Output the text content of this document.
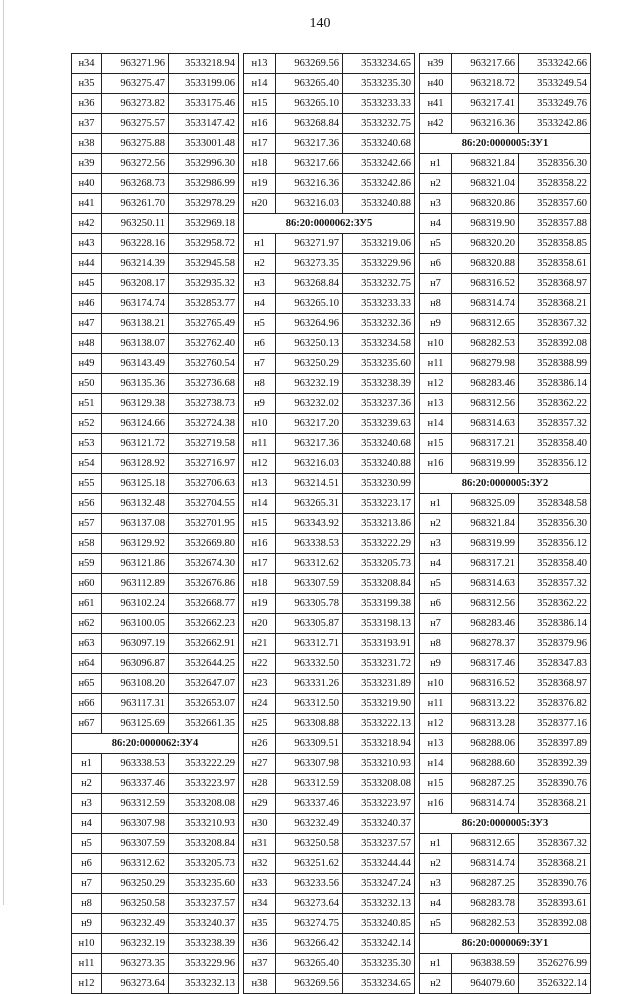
140
н34	963271.96	3533218.94
н35	963275.47	3533199.06
н36	963273.82	3533175.46
н37	963275.57	3533147.42
н38	963275.88	3533001.48
н39	963272.56	3532996.30
н40	963268.73	3532986.99
н41	963261.70	3532978.29
н42	963250.11	3532969.18
н43	963228.16	3532958.72
н44	963214.39	3532945.58
н45	963208.17	3532935.32
н46	963174.74	3532853.77
н47	963138.21	3532765.49
н48	963138.07	3532762.40
н49	963143.49	3532760.54
н50	963135.36	3532736.68
н51	963129.38	3532738.73
н52	963124.66	3532724.38
н53	963121.72	3532719.58
н54	963128.92	3532716.97
н55	963125.18	3532706.63
н56	963132.48	3532704.55
н57	963137.08	3532701.95
н58	963129.92	3532669.80
н59	963121.86	3532674.30
н60	963112.89	3532676.86
н61	963102.24	3532668.77
н62	963100.05	3532662.23
н63	963097.19	3532662.91
н64	963096.87	3532644.25
н65	963108.20	3532647.07
н66	963117.31	3532653.07
н67	963125.69	3532661.35
86:20:0000062:ЗУ4		
н1	963338.53	3533222.29
н2	963337.46	3533223.97
н3	963312.59	3533208.08
н4	963307.98	3533210.93
н5	963307.59	3533208.84
н6	963312.62	3533205.73
н7	963250.29	3533235.60
н8	963250.58	3533237.57
н9	963232.49	3533240.37
н10	963232.19	3533238.39
н11	963273.35	3533229.96
н12	963273.64	3533232.13
н13	963269.56	3533234.65
н14	963265.40	3533235.30
н15	963265.10	3533233.33
н16	963268.84	3533232.75
н17	963217.36	3533240.68
н18	963217.66	3533242.66
н19	963216.36	3533242.86
н20	963216.03	3533240.88
86:20:0000062:ЗУ5		
н1	963271.97	3533219.06
н2	963273.35	3533229.96
н3	963268.84	3533232.75
н4	963265.10	3533233.33
н5	963264.96	3533232.36
н6	963250.13	3533234.58
н7	963250.29	3533235.60
н8	963232.19	3533238.39
н9	963232.02	3533237.36
н10	963217.20	3533239.63
н11	963217.36	3533240.68
н12	963216.03	3533240.88
н13	963214.51	3533230.99
н14	963265.31	3533223.17
н15	963343.92	3533213.86
н16	963338.53	3533222.29
н17	963312.62	3533205.73
н18	963307.59	3533208.84
н19	963305.78	3533199.38
н20	963305.87	3533198.13
н21	963312.71	3533193.91
н22	963332.50	3533231.72
н23	963331.26	3533231.89
н24	963312.50	3533219.90
н25	963308.88	3533222.13
н26	963309.51	3533218.94
н27	963307.98	3533210.93
н28	963312.59	3533208.08
н29	963337.46	3533223.97
н30	963232.49	3533240.37
н31	963250.58	3533237.57
н32	963251.62	3533244.44
н33	963233.56	3533247.24
н34	963273.64	3533232.13
н35	963274.75	3533240.85
н36	963266.42	3533242.14
н37	963265.40	3533235.30
н38	963269.56	3533234.65
н39	963217.66	3533242.66
н40	963218.72	3533249.54
н41	963217.41	3533249.76
н42	963216.36	3533242.86
86:20:0000005:ЗУ1		
н1	968321.84	3528356.30
н2	968321.04	3528358.22
н3	968320.86	3528357.60
н4	968319.90	3528357.88
н5	968320.20	3528358.85
н6	968320.88	3528358.61
н7	968316.52	3528368.97
н8	968314.74	3528368.21
н9	968312.65	3528367.32
н10	968282.53	3528392.08
н11	968279.98	3528388.99
н12	968283.46	3528386.14
н13	968312.56	3528362.22
н14	968314.63	3528357.32
н15	968317.21	3528358.40
н16	968319.99	3528356.12
86:20:0000005:ЗУ2		
н1	968325.09	3528348.58
н2	968321.84	3528356.30
н3	968319.99	3528356.12
н4	968317.21	3528358.40
н5	968314.63	3528357.32
н6	968312.56	3528362.22
н7	968283.46	3528386.14
н8	968278.37	3528379.96
н9	968317.46	3528347.83
н10	968316.52	3528368.97
н11	968313.22	3528376.82
н12	968313.28	3528377.16
н13	968288.06	3528397.89
н14	968288.60	3528392.39
н15	968287.25	3528390.76
н16	968314.74	3528368.21
86:20:0000005:ЗУ3		
н1	968312.65	3528367.32
н2	968314.74	3528368.21
н3	968287.25	3528390.76
н4	968283.78	3528393.61
н5	968282.53	3528392.08
86:20:0000069:ЗУ1		
н1	963838.59	3526276.99
н2	964079.60	3526322.14
